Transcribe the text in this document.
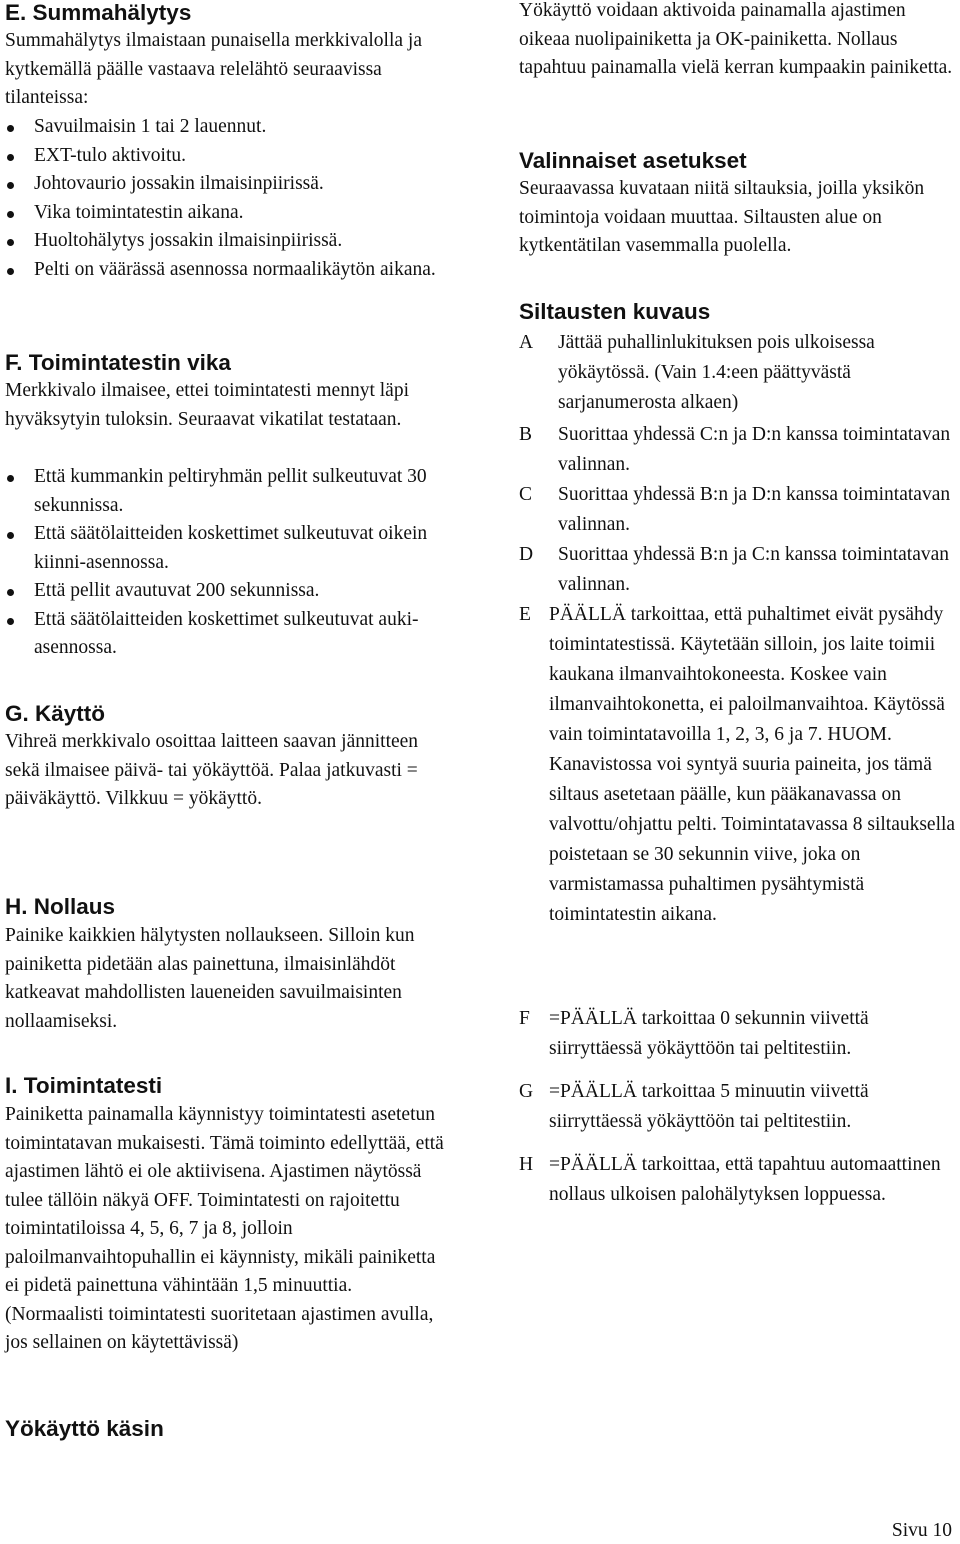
E. Summahälytys

Summahälytys ilmaistaan punaisella merkkivalolla ja kytkemällä päälle vastaava relelähtö seuraavissa tilanteissa:

Savuilmaisin 1 tai 2 lauennut.
EXT-tulo aktivoitu.
Johtovaurio jossakin ilmaisinpiirissä.
Vika toimintatestin aikana.
Huoltohälytys jossakin ilmaisinpiirissä.
Pelti on väärässä asennossa normaalikäytön aikana.
F. Toimintatestin vika

Merkkivalo ilmaisee, ettei toimintatesti mennyt läpi hyväksytyin tuloksin. Seuraavat vikatilat testataan.

Että kummankin peltiryhmän pellit sulkeutuvat 30 sekunnissa.
Että säätölaitteiden koskettimet sulkeutuvat oikein kiinni-asennossa.
Että pellit avautuvat 200 sekunnissa.
Että säätölaitteiden koskettimet sulkeutuvat auki-asennossa.
G. Käyttö

Vihreä merkkivalo osoittaa laitteen saavan jännitteen sekä ilmaisee päivä- tai yökäyttöä. Palaa jatkuvasti = päiväkäyttö. Vilkkuu = yökäyttö.

H. Nollaus

Painike kaikkien hälytysten nollaukseen. Silloin kun painiketta pidetään alas painettuna, ilmaisinlähdöt katkeavat mahdollisten laueneiden savuilmaisinten nollaamiseksi.

I. Toimintatesti

Painiketta painamalla käynnistyy toimintatesti asetetun toimintatavan mukaisesti. Tämä toiminto edellyttää, että ajastimen lähtö ei ole aktiivisena. Ajastimen näytössä tulee tällöin näkyä OFF. Toimintatesti on rajoitettu toimintatiloissa 4, 5, 6, 7 ja 8, jolloin paloilmanvaihtopuhallin ei käynnisty, mikäli painiketta ei pidetä painettuna vähintään 1,5 minuuttia. (Normaalisti toimintatesti suoritetaan ajastimen avulla, jos sellainen on käytettävissä)

Yökäyttö käsin

Yökäyttö voidaan aktivoida painamalla ajastimen oikeaa nuolipainiketta ja OK-painiketta. Nollaus tapahtuu painamalla vielä kerran kumpaakin painiketta.

Valinnaiset asetukset

Seuraavassa kuvataan niitä siltauksia, joilla yksikön toimintoja voidaan muuttaa. Siltausten alue on kytkentätilan vasemmalla puolella.

Siltausten kuvaus
A	Jättää puhallinlukituksen pois ulkoisessa yökäytössä. (Vain 1.4:een päättyvästä sarjanumerosta alkaen)
B	Suorittaa yhdessä C:n ja D:n kanssa toimintatavan valinnan.
C	Suorittaa yhdessä B:n ja D:n kanssa toimintatavan valinnan.
D	Suorittaa yhdessä B:n ja C:n kanssa toimintatavan valinnan.
E PÄÄLLÄ tarkoittaa, että puhaltimet eivät pysähdy toimintatestissä. Käytetään silloin, jos laite toimii kaukana ilmanvaihtokoneesta. Koskee vain ilmanvaihtokonetta, ei paloilmanvaihtoa. Käytössä vain toimintatavoilla 1, 2, 3, 6 ja 7. HUOM. Kanavistossa voi syntyä suuria paineita, jos tämä siltaus asetetaan päälle, kun pääkanavassa on valvottu/ohjattu pelti. Toimintatavassa 8 siltauksella poistetaan se 30 sekunnin viive, joka on varmistamassa puhaltimen pysähtymistä toimintatestin aikana.
F =PÄÄLLÄ tarkoittaa 0 sekunnin viivettä siirryttäessä yökäyttöön tai peltitestiin.
G =PÄÄLLÄ tarkoittaa 5 minuutin viivettä siirryttäessä yökäyttöön tai peltitestiin.
H =PÄÄLLÄ tarkoittaa, että tapahtuu automaattinen nollaus ulkoisen palohälytyksen loppuessa.
Sivu 10
